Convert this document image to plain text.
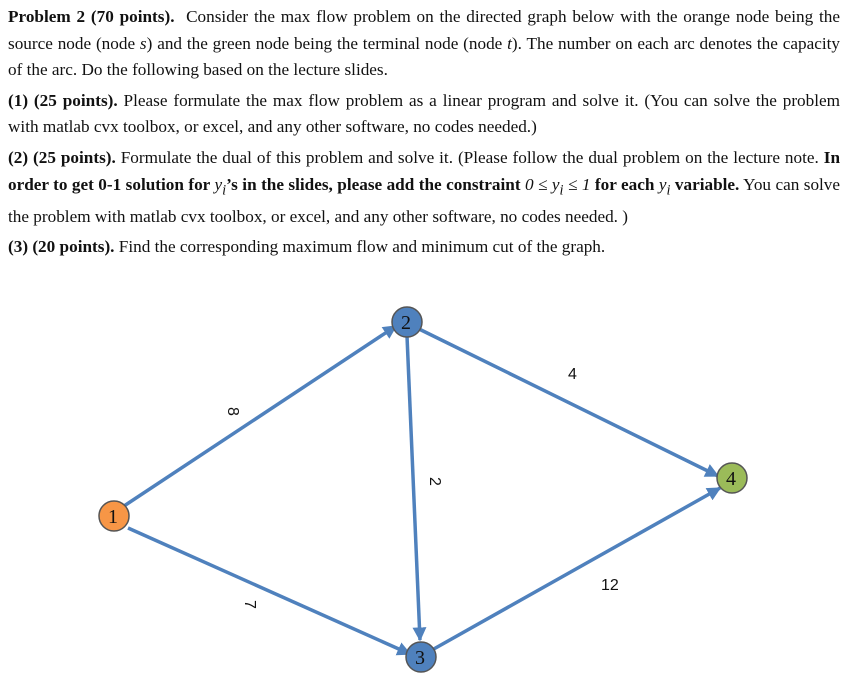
Problem 2 (70 points). Consider the max flow problem on the directed graph below with the orange node being the source node (node s) and the green node being the terminal node (node t). The number on each arc denotes the capacity of the arc. Do the following based on the lecture slides.

(1) (25 points). Please formulate the max flow problem as a linear program and solve it. (You can solve the problem with matlab cvx toolbox, or excel, and any other software, no codes needed.)

(2) (25 points). Formulate the dual of this problem and solve it. (Please follow the dual problem on the lecture note. In order to get 0-1 solution for $y_i’s$ in the slides, please add the constraint $0 \le y_i \le 1$ for each $y_i$ variable. You can solve the problem with matlab cvx toolbox, or excel, and any other software, no codes needed. )

(3) (20 points). Find the corresponding maximum flow and minimum cut of the graph.

8
7
2
4
12
1
2
3
4
